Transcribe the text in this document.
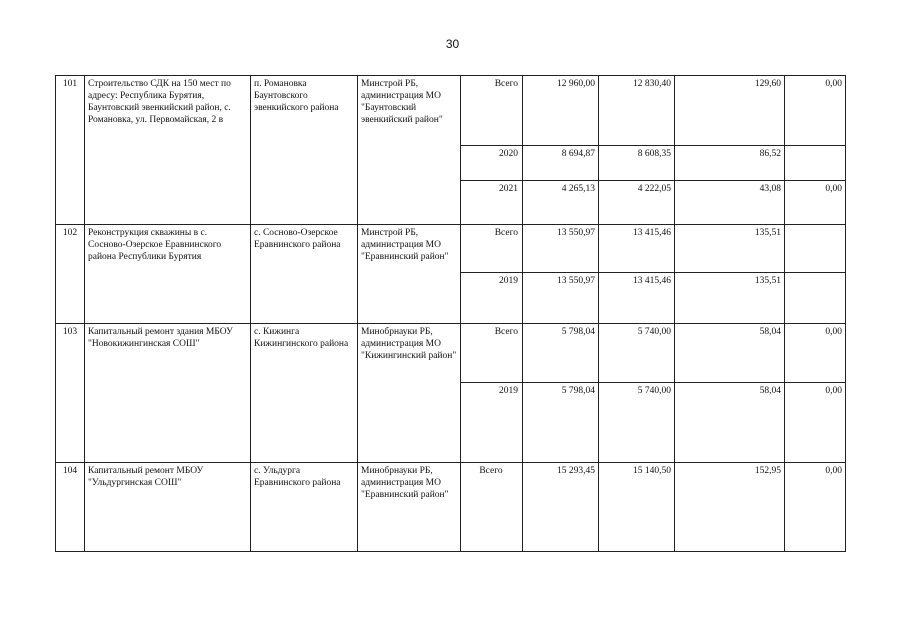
30
101	Строительство СДК на 150 мест по адресу: Республика Бурятия, Баунтовский эвенкийский район, с. Романовка, ул. Первомайская, 2 в	п. Романовка Баунтовского эвенкийского района	Минстрой РБ, администрация МО "Баунтовский эвенкийский район"	Всего	12 960,00	12 830,40	129,60	0,00
				2020	8 694,87	8 608,35	86,52	
				2021	4 265,13	4 222,05	43,08	0,00
102	Реконструкция скважины в с. Сосново-Озерское Еравнинского района Республики Бурятия	с. Сосново-Озерское Еравнинского района	Минстрой РБ, администрация МО "Еравнинский район"	Всего	13 550,97	13 415,46	135,51	
				2019	13 550,97	13 415,46	135,51	
103	Капитальный ремонт здания МБОУ "Новокижингинская СОШ"	с. Кижинга Кижингинского района	Минобрнауки РБ, администрация МО "Кижингинский район"	Всего	5 798,04	5 740,00	58,04	0,00
				2019	5 798,04	5 740,00	58,04	0,00
104	Капитальный ремонт МБОУ "Ульдургинская СОШ"	с. Ульдурга Еравнинского района	Минобрнауки РБ, администрация МО "Еравнинский район"	Всего	15 293,45	15 140,50	152,95	0,00
